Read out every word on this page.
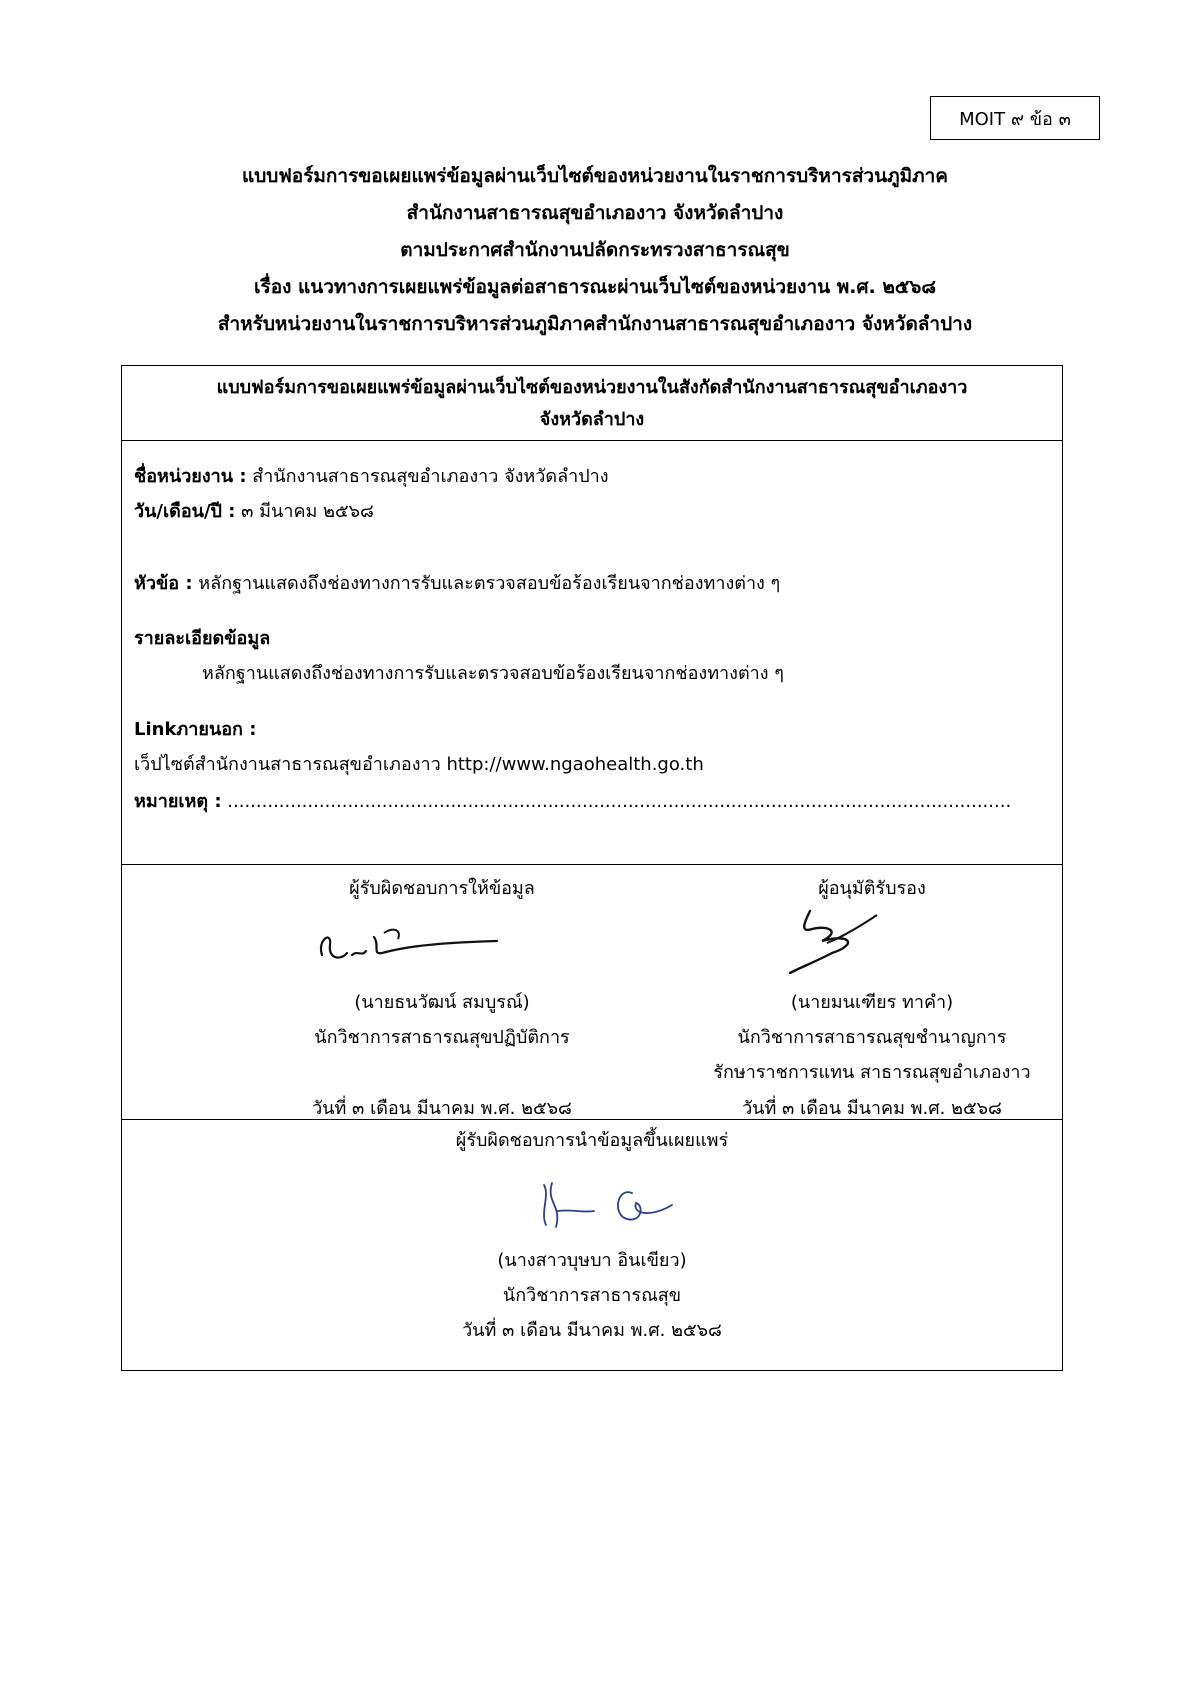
MOIT ๙ ข้อ ๓
แบบฟอร์มการขอเผยแพร่ข้อมูลผ่านเว็บไซต์ของหน่วยงานในราชการบริหารส่วนภูมิภาค
สำนักงานสาธารณสุขอำเภองาว จังหวัดลำปาง
ตามประกาศสำนักงานปลัดกระทรวงสาธารณสุข
เรื่อง แนวทางการเผยแพร่ข้อมูลต่อสาธารณะผ่านเว็บไซต์ของหน่วยงาน พ.ศ. ๒๕๖๘
สำหรับหน่วยงานในราชการบริหารส่วนภูมิภาคสำนักงานสาธารณสุขอำเภองาว จังหวัดลำปาง
แบบฟอร์มการขอเผยแพร่ข้อมูลผ่านเว็บไซต์ของหน่วยงานในสังกัดสำนักงานสาธารณสุขอำเภองาว
จังหวัดลำปาง
ชื่อหน่วยงาน : สำนักงานสาธารณสุขอำเภองาว จังหวัดลำปาง
วัน/เดือน/ปี : ๓ มีนาคม ๒๕๖๘
หัวข้อ : หลักฐานแสดงถึงช่องทางการรับและตรวจสอบข้อร้องเรียนจากช่องทางต่าง ๆ
รายละเอียดข้อมูล
หลักฐานแสดงถึงช่องทางการรับและตรวจสอบข้อร้องเรียนจากช่องทางต่าง ๆ
Linkภายนอก :
เว็ปไซต์สำนักงานสาธารณสุขอำเภองาว http://www.ngaohealth.go.th
หมายเหตุ : .........................................................................................................................................
ผู้รับผิดชอบการให้ข้อมูล
(นายธนวัฒน์ สมบูรณ์)
นักวิชาการสาธารณสุขปฏิบัติการ
วันที่ ๓ เดือน มีนาคม พ.ศ. ๒๕๖๘
ผู้อนุมัติรับรอง
(นายมนเฑียร ทาคำ)
นักวิชาการสาธารณสุขชำนาญการ
รักษาราชการแทน สาธารณสุขอำเภองาว
วันที่ ๓ เดือน มีนาคม พ.ศ. ๒๕๖๘
ผู้รับผิดชอบการนำข้อมูลขึ้นเผยแพร่
(นางสาวบุษบา อินเขียว)
นักวิชาการสาธารณสุข
วันที่ ๓ เดือน มีนาคม พ.ศ. ๒๕๖๘
